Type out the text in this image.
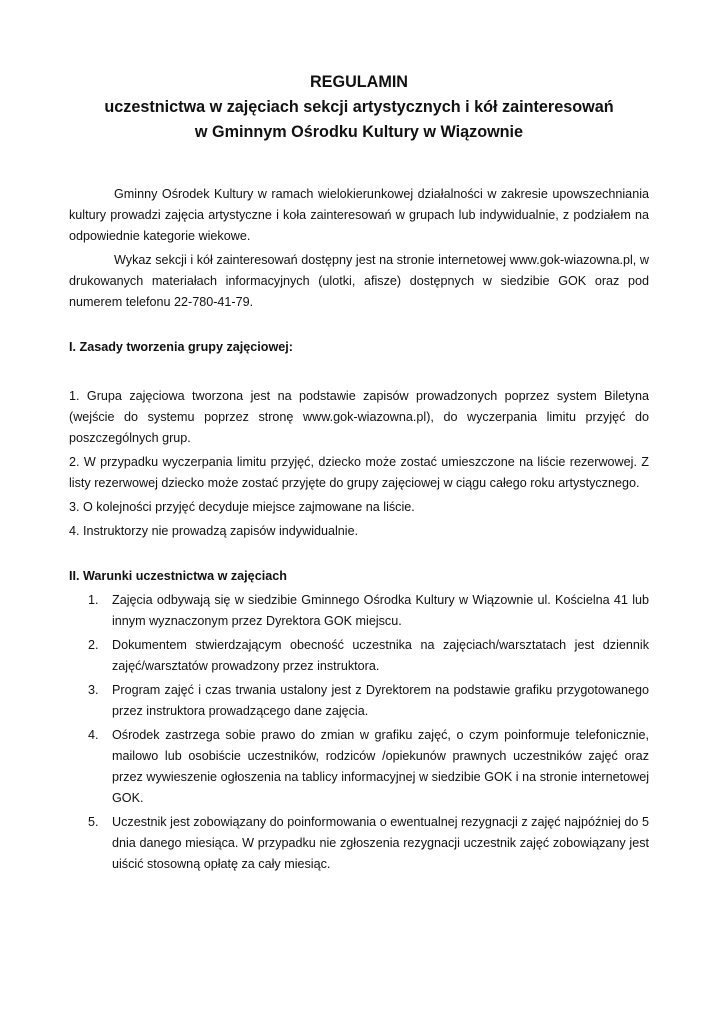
REGULAMIN

uczestnictwa w zajęciach sekcji artystycznych i kół zainteresowań

w Gminnym Ośrodku Kultury w Wiązownie

Gminny Ośrodek Kultury w ramach wielokierunkowej działalności w zakresie upowszechniania kultury prowadzi zajęcia artystyczne i koła zainteresowań w grupach lub indywidualnie, z podziałem na odpowiednie kategorie wiekowe.

Wykaz sekcji i kół zainteresowań dostępny jest na stronie internetowej www.gok-wiazowna.pl, w drukowanych materiałach informacyjnych (ulotki, afisze) dostępnych w siedzibie GOK oraz pod numerem telefonu 22-780-41-79.

I. Zasady tworzenia grupy zajęciowej:

1. Grupa zajęciowa tworzona jest na podstawie zapisów prowadzonych poprzez system Biletyna (wejście do systemu poprzez stronę www.gok-wiazowna.pl), do wyczerpania limitu przyjęć do poszczególnych grup.

2. W przypadku wyczerpania limitu przyjęć, dziecko może zostać umieszczone na liście rezerwowej. Z listy rezerwowej dziecko może zostać przyjęte do grupy zajęciowej w ciągu całego roku artystycznego.

3. O kolejności przyjęć decyduje miejsce zajmowane na liście.

4. Instruktorzy nie prowadzą zapisów indywidualnie.

II. Warunki uczestnictwa w zajęciach

1.	Zajęcia odbywają się w siedzibie Gminnego Ośrodka Kultury w Wiązownie ul. Kościelna 41 lub innym wyznaczonym przez Dyrektora GOK miejscu.
2.	Dokumentem stwierdzającym obecność uczestnika na zajęciach/warsztatach jest dziennik zajęć/warsztatów prowadzony przez instruktora.
3.	Program zajęć i czas trwania ustalony jest z Dyrektorem na podstawie grafiku przygotowanego przez instruktora prowadzącego dane zajęcia.
4.	Ośrodek zastrzega sobie prawo do zmian w grafiku zajęć, o czym poinformuje telefonicznie, mailowo lub osobiście uczestników, rodziców /opiekunów prawnych uczestników zajęć oraz przez wywieszenie ogłoszenia na tablicy informacyjnej w siedzibie GOK i na stronie internetowej GOK.
5.	Uczestnik jest zobowiązany do poinformowania o ewentualnej rezygnacji z zajęć najpóźniej do 5 dnia danego miesiąca. W przypadku nie zgłoszenia rezygnacji uczestnik zajęć zobowiązany jest uiścić stosowną opłatę za cały miesiąc.
